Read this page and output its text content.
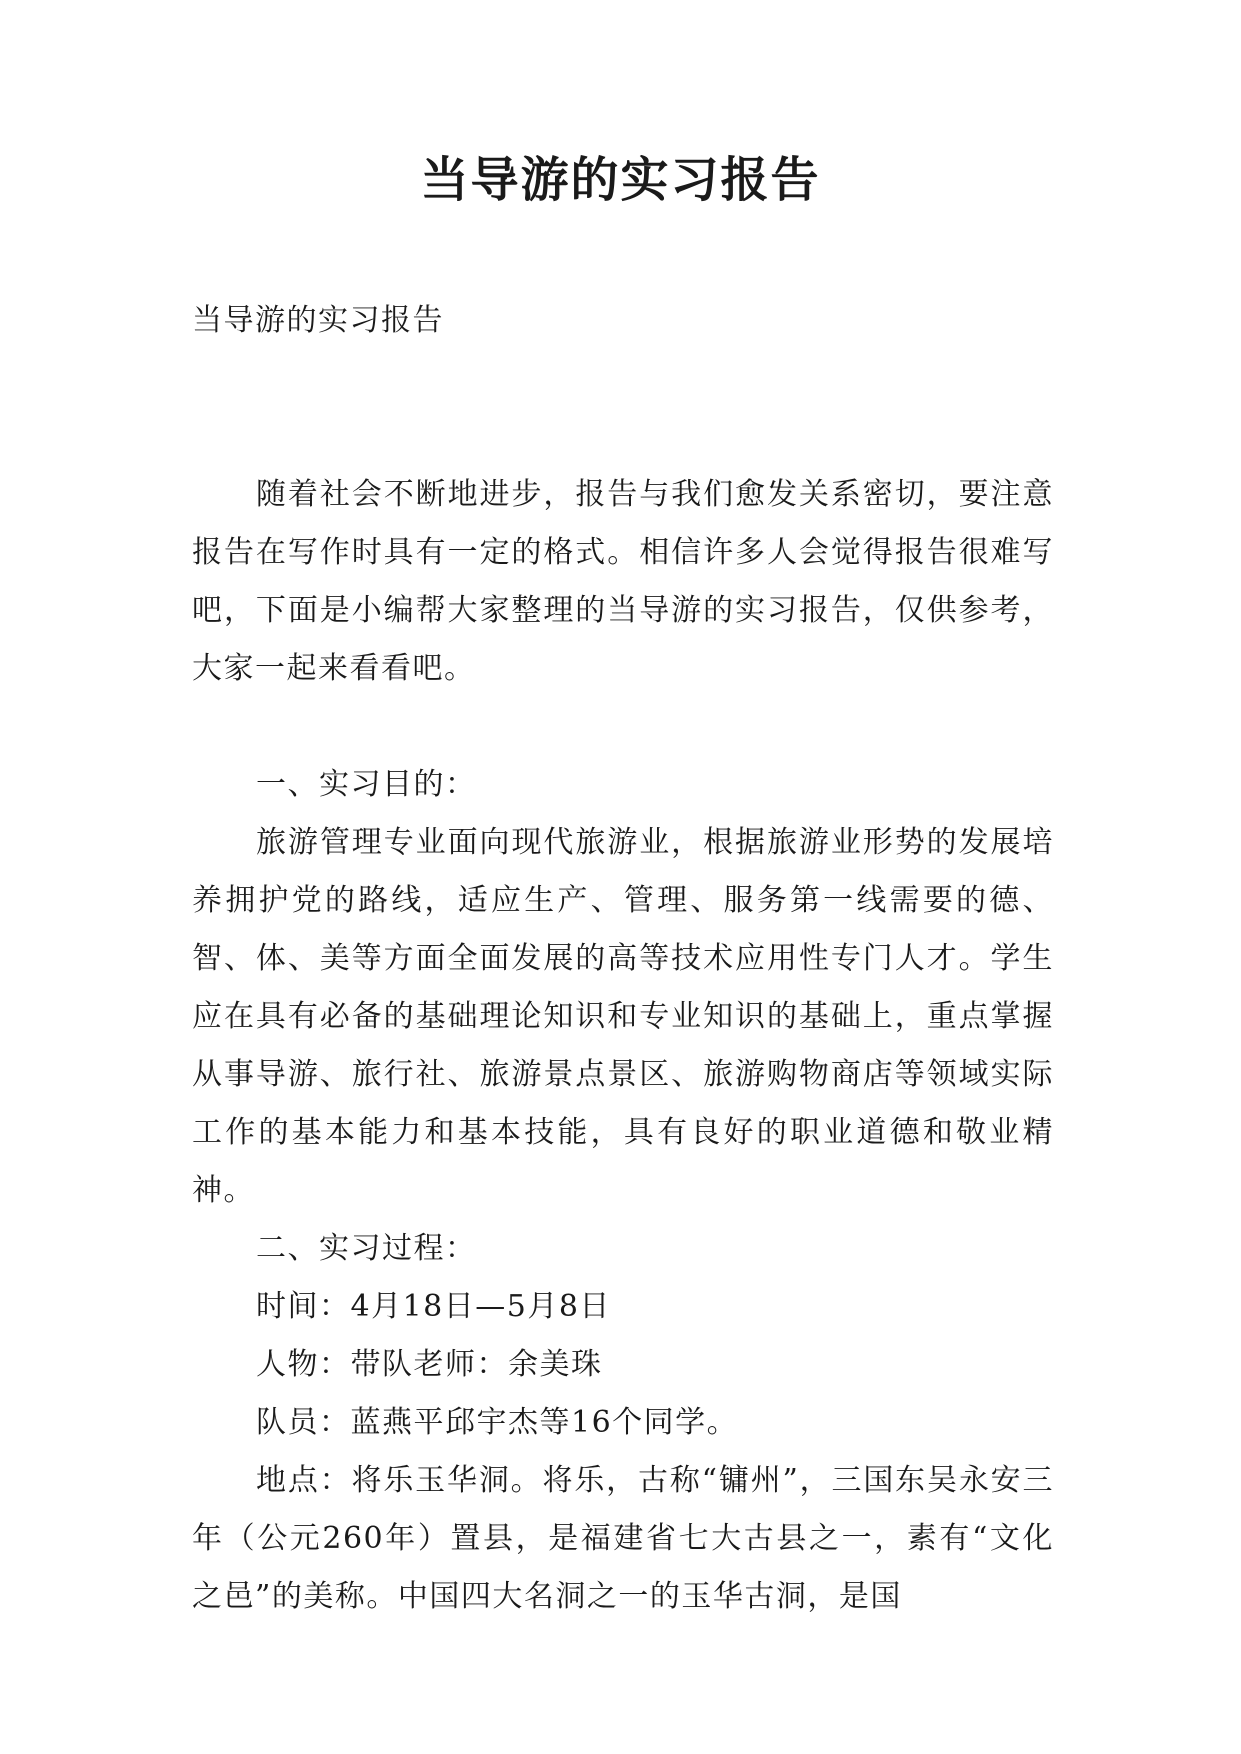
当导游的实习报告

当导游的实习报告

随着社会不断地进步，报告与我们愈发关系密切，要注意报告在写作时具有一定的格式。相信许多人会觉得报告很难写吧，下面是小编帮大家整理的当导游的实习报告，仅供参考，大家一起来看看吧。

一、实习目的：

旅游管理专业面向现代旅游业，根据旅游业形势的发展培养拥护党的路线，适应生产、管理、服务第一线需要的德、智、体、美等方面全面发展的高等技术应用性专门人才。学生应在具有必备的基础理论知识和专业知识的基础上，重点掌握从事导游、旅行社、旅游景点景区、旅游购物商店等领域实际工作的基本能力和基本技能，具有良好的职业道德和敬业精神。

二、实习过程：

时间：4月18日—5月8日

人物：带队老师：余美珠

队员：蓝燕平邱宇杰等16个同学。

地点：将乐玉华洞。将乐，古称“镛州”，三国东吴永安三年（公元260年）置县，是福建省七大古县之一，素有“文化之邑”的美称。中国四大名洞之一的玉华古洞，是国
